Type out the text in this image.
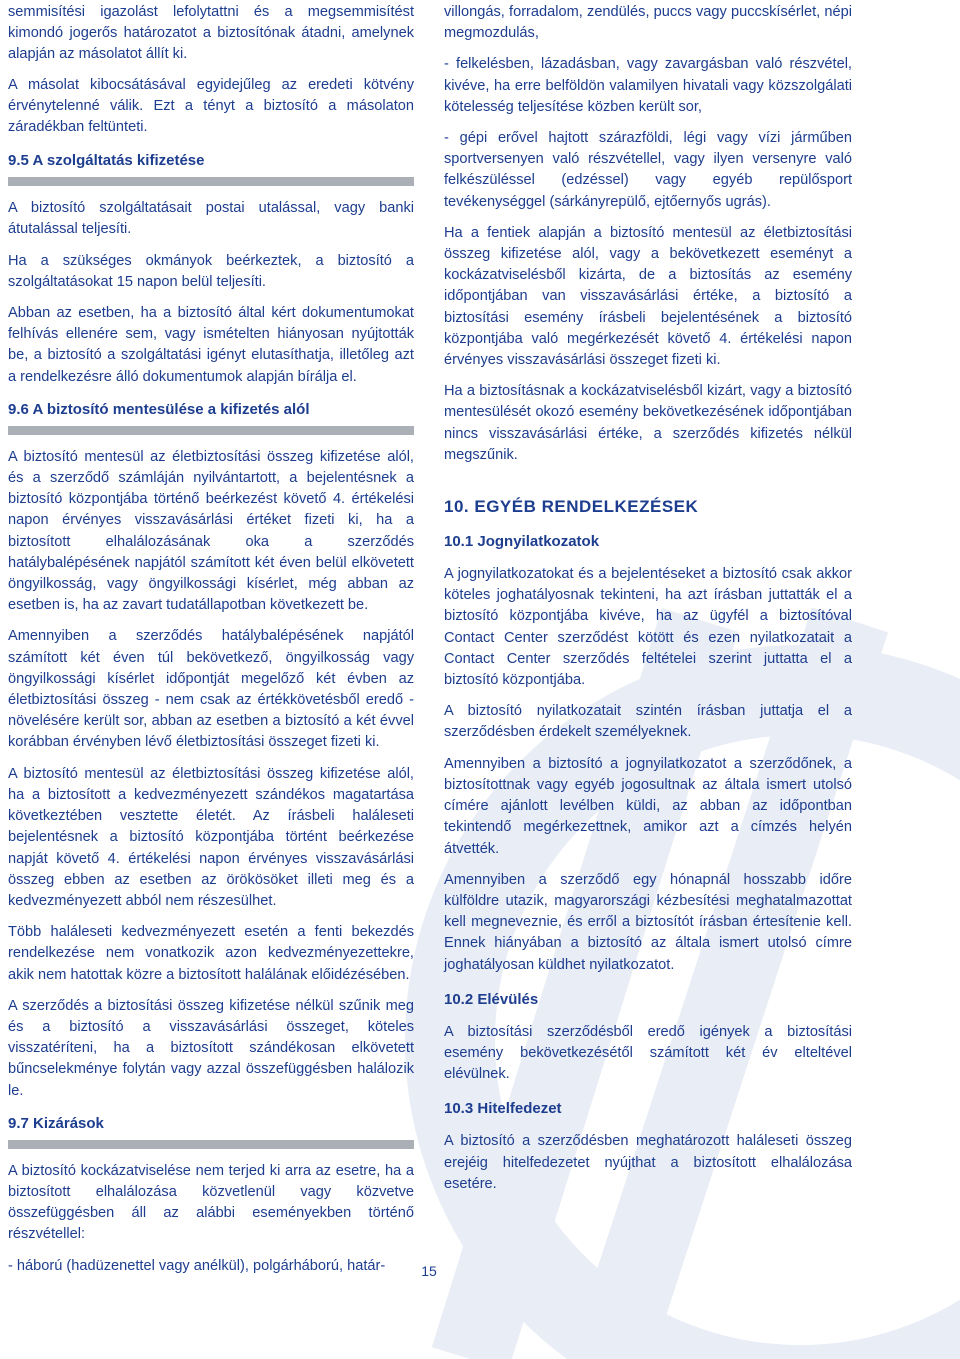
semmisítési igazolást lefolytattni és a megsemmisítést kimondó jogerős határozatot a biztosítónak átadni, amelynek alapján az másolatot állít ki.

A másolat kibocsátásával egyidejűleg az eredeti kötvény érvénytelenné válik. Ezt a tényt a biztosító a másolaton záradékban feltünteti.

9.5 A szolgáltatás kifizetése

A biztosító szolgáltatásait postai utalással, vagy banki átutalással teljesíti.

Ha a szükséges okmányok beérkeztek, a biztosító a szolgáltatásokat 15 napon belül teljesíti.

Abban az esetben, ha a biztosító által kért dokumentumokat felhívás ellenére sem, vagy ismételten hiányosan nyújtották be, a biztosító a szolgáltatási igényt elutasíthatja, illetőleg azt a rendelkezésre álló dokumentumok alapján bírálja el.

9.6 A biztosító mentesülése a kifizetés alól

A biztosító mentesül az életbiztosítási összeg kifizetése alól, és a szerződő számláján nyilvántartott, a bejelentésnek a biztosító központjába történő beérkezést követő 4. értékelési napon érvényes visszavásárlási értéket fizeti ki, ha a biztosított elhalálozásának oka a szerződés hatálybalépésének napjától számított két éven belül elkövetett öngyilkosság, vagy öngyilkossági kísérlet, még abban az esetben is, ha az zavart tudatállapotban következett be.

Amennyiben a szerződés hatálybalépésének napjától számított két éven túl bekövetkező, öngyilkosság vagy öngyilkossági kísérlet időpontját megelőző két évben az életbiztosítási összeg - nem csak az értékkövetésből eredő - növelésére került sor, abban az esetben a biztosító a két évvel korábban érvényben lévő életbiztosítási összeget fizeti ki.

A biztosító mentesül az életbiztosítási összeg kifizetése alól, ha a biztosított a kedvezményezett szándékos magatartása következtében vesztette életét. Az írásbeli haláleseti bejelentésnek a biztosító központjába történt beérkezése napját követő 4. értékelési napon érvényes visszavásárlási összeg ebben az esetben az örökösöket illeti meg és a kedvezményezett abból nem részesülhet.

Több haláleseti kedvezményezett esetén a fenti bekezdés rendelkezése nem vonatkozik azon kedvezményezettekre, akik nem hatottak közre a biztosított halálának előidézésében.

A szerződés a biztosítási összeg kifizetése nélkül szűnik meg és a biztosító a visszavásárlási összeget, köteles visszatéríteni, ha a biztosított szándékosan elkövetett bűncselekménye folytán vagy azzal összefüggésben halálozik le.

9.7 Kizárások

A biztosító kockázatviselése nem terjed ki arra az esetre, ha a biztosított elhalálozása közvetlenül vagy közvetve összefüggésben áll az alábbi eseményekben történő részvétellel:

- háború (hadüzenettel vagy anélkül), polgárháború, határ-

villongás, forradalom, zendülés, puccs vagy puccskísérlet, népi megmozdulás,

- felkelésben, lázadásban, vagy zavargásban való részvétel, kivéve, ha erre belföldön valamilyen hivatali vagy közszolgálati kötelesség teljesítése közben került sor,

- gépi erővel hajtott szárazföldi, légi vagy vízi járműben sportversenyen való részvétellel, vagy ilyen versenyre való felkészüléssel (edzéssel) vagy egyéb repülősport tevékenységgel (sárkányrepülő, ejtőernyős ugrás).

Ha a fentiek alapján a biztosító mentesül az életbiztosítási összeg kifizetése alól, vagy a bekövetkezett eseményt a kockázatviselésből kizárta, de a biztosítás az esemény időpontjában van visszavásárlási értéke, a biztosító a biztosítási esemény írásbeli bejelentésének a biztosító központjába való megérkezését követő 4. értékelési napon érvényes visszavásárlási összeget fizeti ki.

Ha a biztosításnak a kockázatviselésből kizárt, vagy a biztosító mentesülését okozó esemény bekövetkezésének időpontjában nincs visszavásárlási értéke, a szerződés kifizetés nélkül megszűnik.

10. EGYÉB RENDELKEZÉSEK
10.1 Jognyilatkozatok

A jognyilatkozatokat és a bejelentéseket a biztosító csak akkor köteles joghatályosnak tekinteni, ha azt írásban juttatták el a biztosító központjába kivéve, ha az ügyfél a biztosítóval Contact Center szerződést kötött és ezen nyilatkozatait a Contact Center szerződés feltételei szerint juttatta el a biztosító központjába.

A biztosító nyilatkozatait szintén írásban juttatja el a szerződésben érdekelt személyeknek.

Amennyiben a biztosító a jognyilatkozatot a szerződőnek, a biztosítottnak vagy egyéb jogosultnak az általa ismert utolsó címére ajánlott levélben küldi, az abban az időpontban tekintendő megérkezettnek, amikor azt a címzés helyén átvették.

Amennyiben a szerződő egy hónapnál hosszabb időre külföldre utazik, magyarországi kézbesítési meghatalmazottat kell megneveznie, és erről a biztosítót írásban értesítenie kell. Ennek hiányában a biztosító az általa ismert utolsó címre joghatályosan küldhet nyilatkozatot.

10.2 Elévülés

A biztosítási szerződésből eredő igények a biztosítási esemény bekövetkezésétől számított két év elteltével elévülnek.

10.3 Hitelfedezet

A biztosító a szerződésben meghatározott haláleseti összeg erejéig hitelfedezetet nyújthat a biztosított elhalálozása esetére.

15
